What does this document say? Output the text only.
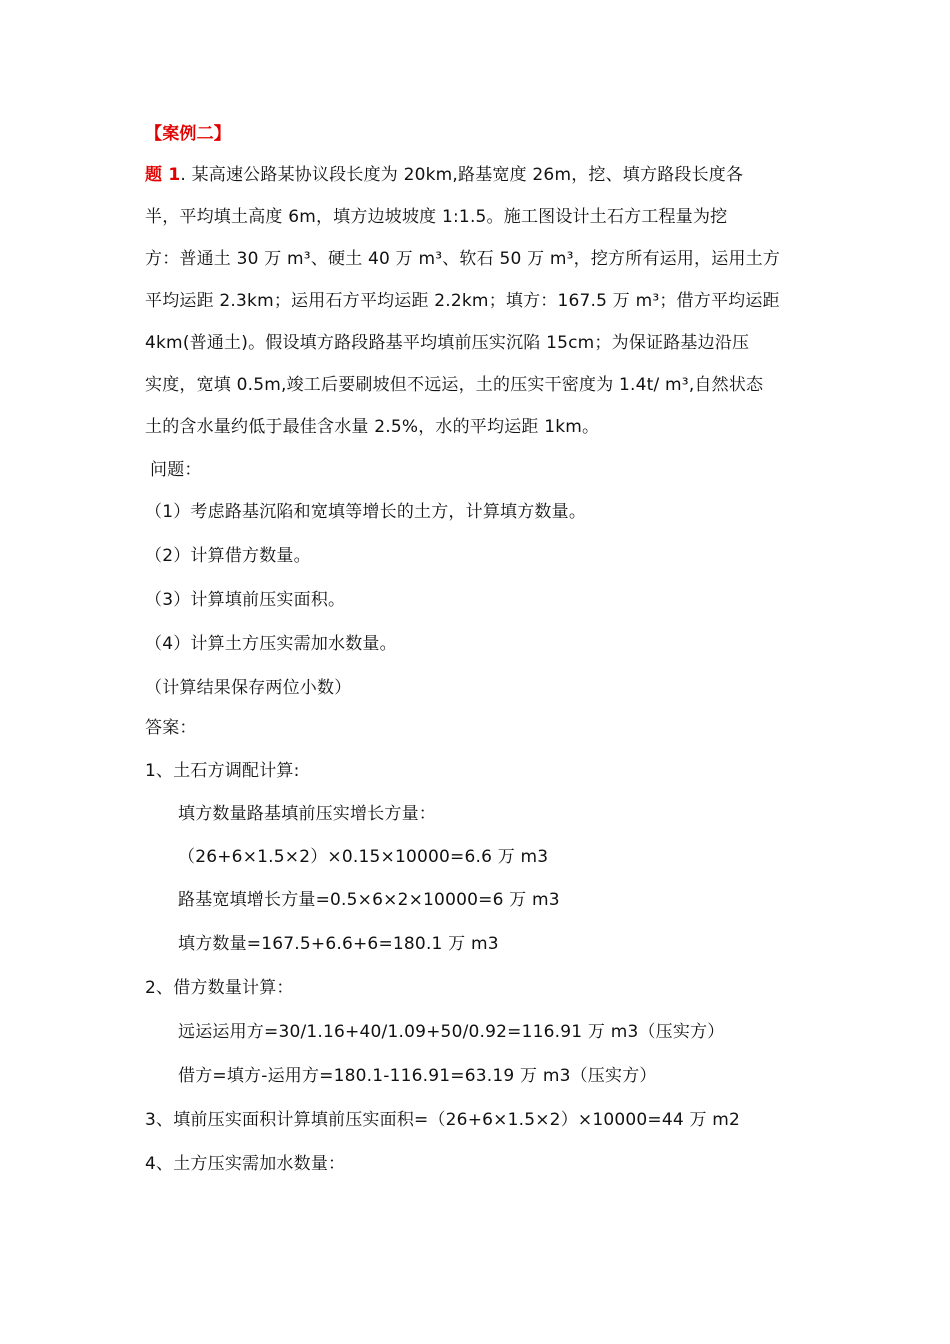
【案例二】
题 1. 某高速公路某协议段长度为 20km,路基宽度 26m，挖、填方路段长度各
半，平均填土高度 6m，填方边坡坡度 1:1.5。施工图设计土石方工程量为挖
方：普通土 30 万 m³、硬土 40 万 m³、软石 50 万 m³，挖方所有运用，运用土方
平均运距 2.3km；运用石方平均运距 2.2km；填方：167.5 万 m³；借方平均运距
4km(普通土)。假设填方路段路基平均填前压实沉陷 15cm；为保证路基边沿压
实度，宽填 0.5m,竣工后要刷坡但不远运，土的压实干密度为 1.4t/ m³,自然状态
土的含水量约低于最佳含水量 2.5%，水的平均运距 1km。
问题：
（1）考虑路基沉陷和宽填等增长的土方，计算填方数量。
（2）计算借方数量。
（3）计算填前压实面积。
（4）计算土方压实需加水数量。
（计算结果保存两位小数）
答案：
1、土石方调配计算:
填方数量路基填前压实增长方量：
（26+6×1.5×2）×0.15×10000=6.6 万 m3
路基宽填增长方量=0.5×6×2×10000=6 万 m3
填方数量=167.5+6.6+6=180.1 万 m3
2、借方数量计算：
远运运用方=30/1.16+40/1.09+50/0.92=116.91 万 m3（压实方）
借方=填方-运用方=180.1-116.91=63.19 万 m3（压实方）
3、填前压实面积计算填前压实面积=（26+6×1.5×2）×10000=44 万 m2
4、土方压实需加水数量：
